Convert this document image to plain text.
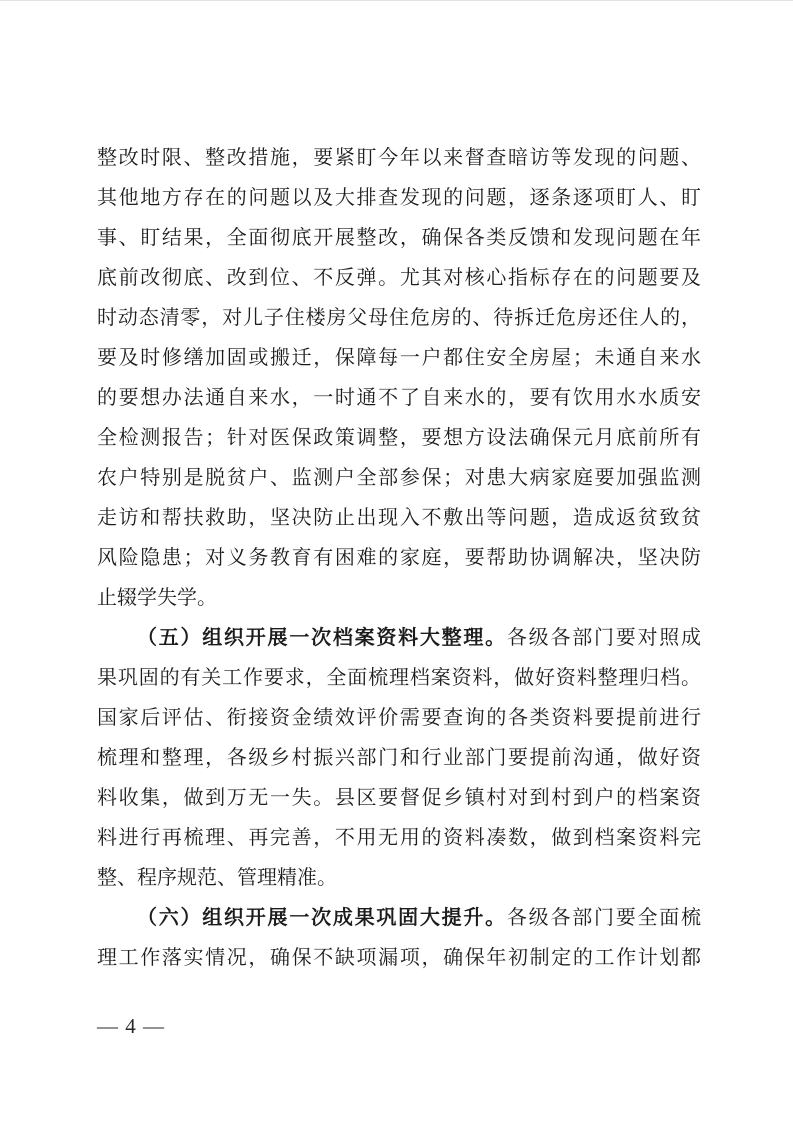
整改时限、整改措施，要紧盯今年以来督查暗访等发现的问题、
其他地方存在的问题以及大排查发现的问题，逐条逐项盯人、盯
事、盯结果，全面彻底开展整改，确保各类反馈和发现问题在年
底前改彻底、改到位、不反弹。尤其对核心指标存在的问题要及
时动态清零，对儿子住楼房父母住危房的、待拆迁危房还住人的，
要及时修缮加固或搬迁，保障每一户都住安全房屋；未通自来水
的要想办法通自来水，一时通不了自来水的，要有饮用水水质安
全检测报告；针对医保政策调整，要想方设法确保元月底前所有
农户特别是脱贫户、监测户全部参保；对患大病家庭要加强监测
走访和帮扶救助，坚决防止出现入不敷出等问题，造成返贫致贫
风险隐患；对义务教育有困难的家庭，要帮助协调解决，坚决防
止辍学失学。
（五）组织开展一次档案资料大整理。各级各部门要对照成
果巩固的有关工作要求，全面梳理档案资料，做好资料整理归档。
国家后评估、衔接资金绩效评价需要查询的各类资料要提前进行
梳理和整理，各级乡村振兴部门和行业部门要提前沟通，做好资
料收集，做到万无一失。县区要督促乡镇村对到村到户的档案资
料进行再梳理、再完善，不用无用的资料凑数，做到档案资料完
整、程序规范、管理精准。
（六）组织开展一次成果巩固大提升。各级各部门要全面梳
理工作落实情况，确保不缺项漏项，确保年初制定的工作计划都
— 4 —
